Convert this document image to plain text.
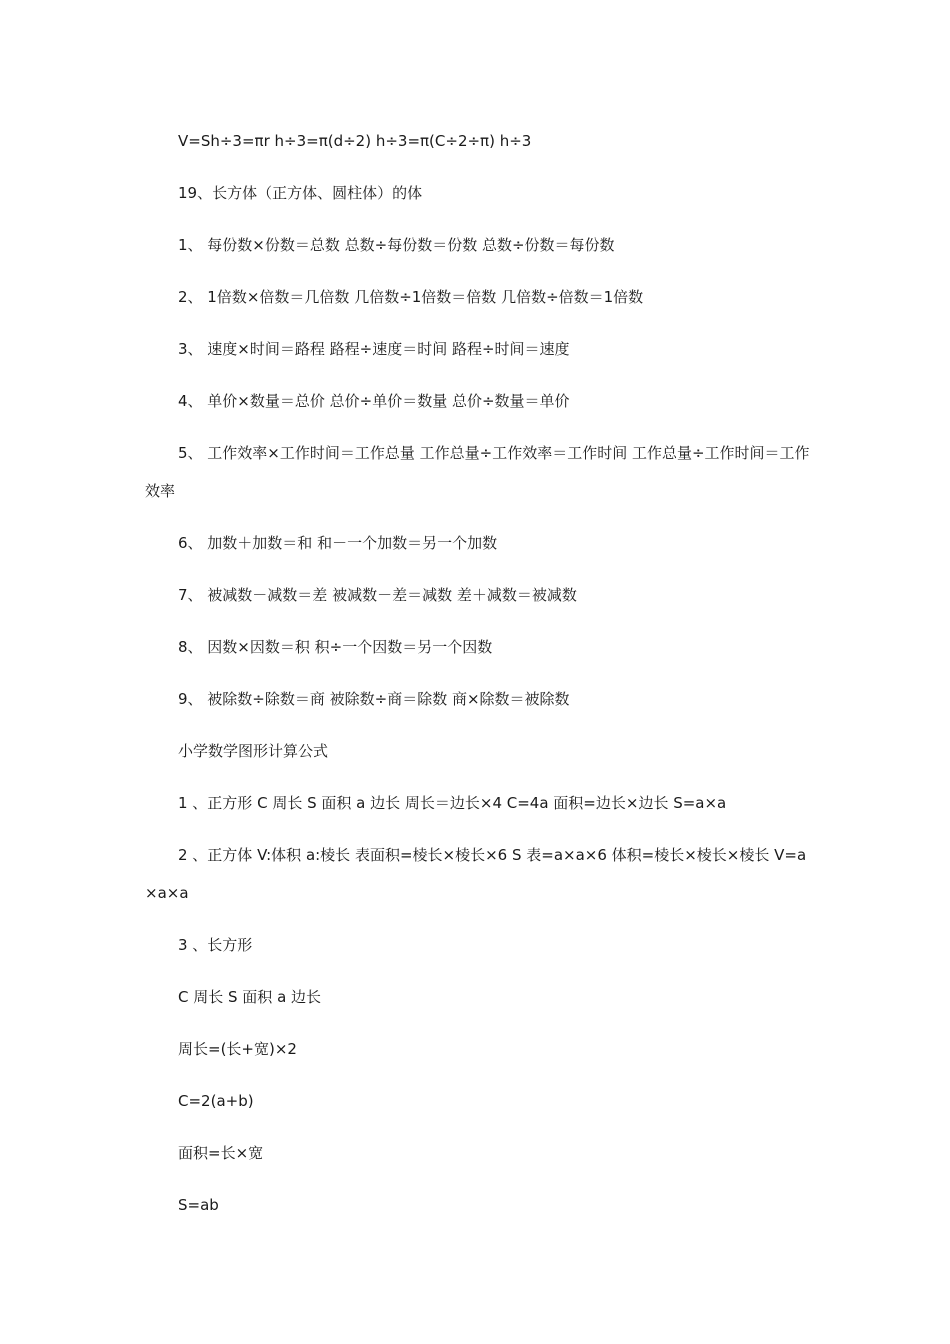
V=Sh÷3=πr h÷3=π(d÷2) h÷3=π(C÷2÷π) h÷3

19、长方体（正方体、圆柱体）的体

1、 每份数×份数＝总数 总数÷每份数＝份数 总数÷份数＝每份数

2、 1倍数×倍数＝几倍数 几倍数÷1倍数＝倍数 几倍数÷倍数＝1倍数

3、 速度×时间＝路程 路程÷速度＝时间 路程÷时间＝速度

4、 单价×数量＝总价 总价÷单价＝数量 总价÷数量＝单价

5、 工作效率×工作时间＝工作总量 工作总量÷工作效率＝工作时间 工作总量÷工作时间＝工作效率

6、 加数＋加数＝和 和－一个加数＝另一个加数

7、 被减数－减数＝差 被减数－差＝减数 差＋减数＝被减数

8、 因数×因数＝积 积÷一个因数＝另一个因数

9、 被除数÷除数＝商 被除数÷商＝除数 商×除数＝被除数

小学数学图形计算公式

1 、正方形 C 周长 S 面积 a 边长 周长＝边长×4 C=4a 面积=边长×边长 S=a×a

2 、正方体 V:体积 a:棱长 表面积=棱长×棱长×6 S 表=a×a×6 体积=棱长×棱长×棱长 V=a×a×a

3 、长方形

C 周长 S 面积 a 边长

周长=(长+宽)×2

C=2(a+b)

面积=长×宽

S=ab
